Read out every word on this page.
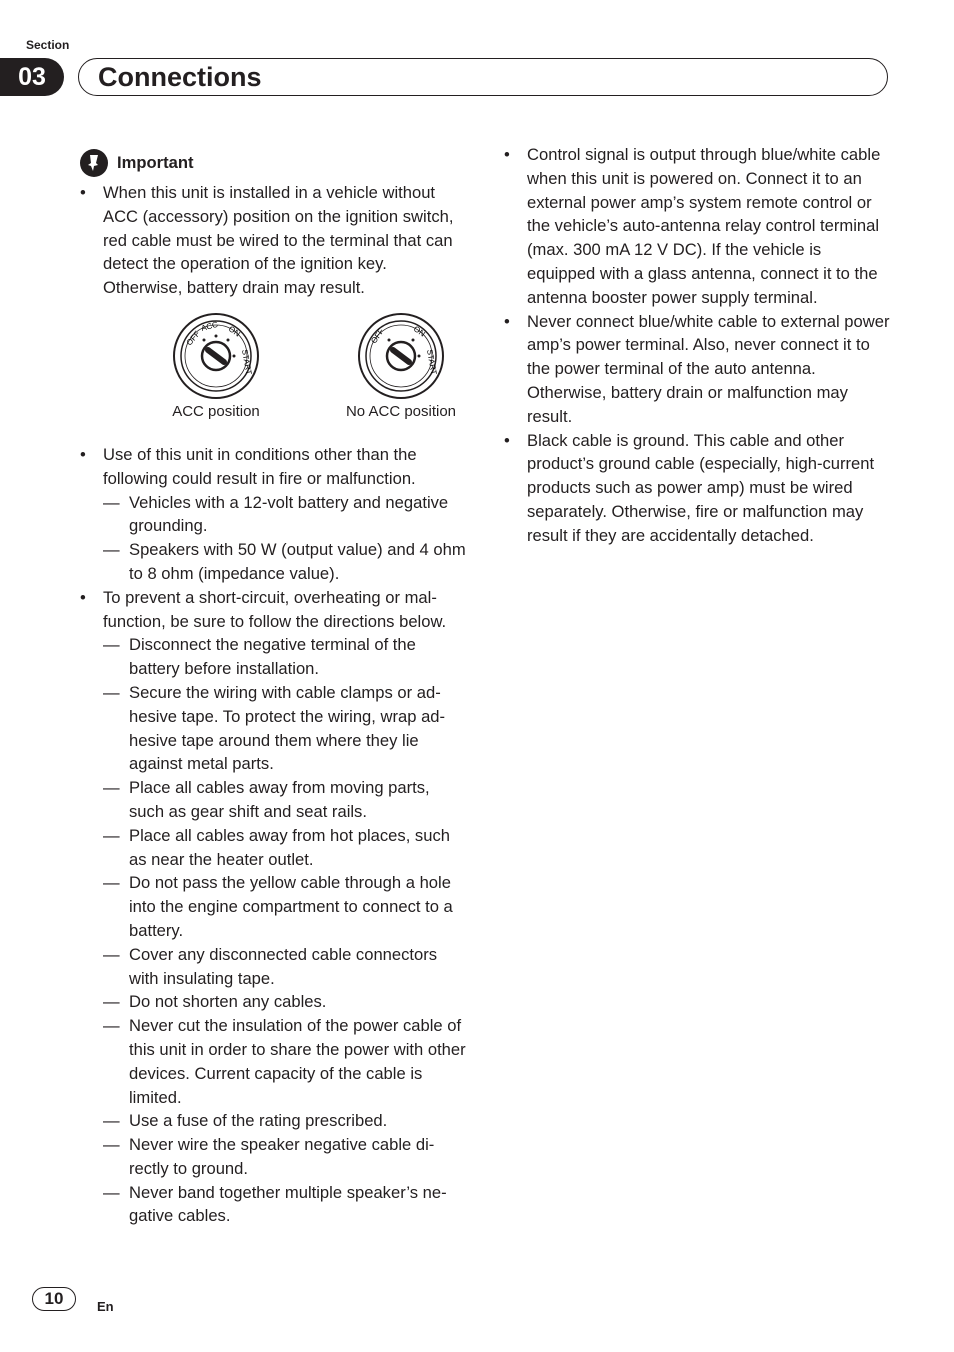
Section
03	Connections
Important
• When this unit is installed in a vehicle without ACC (accessory) position on the ignition switch, red cable must be wired to the terminal that can detect the operation of the ignition key. Otherwise, battery drain may result.
OFF
ACC ON
START
ACC position
OFF	ON
START
No ACC position
• Use of this unit in conditions other than the following could result in fire or malfunction.
— Vehicles with a 12-volt battery and negative grounding.
— Speakers with 50 W (output value) and 4 ohm to 8 ohm (impedance value).
• To prevent a short-circuit, overheating or malfunction, be sure to follow the directions below.
— Disconnect the negative terminal of the battery before installation.
— Secure the wiring with cable clamps or adhesive tape. To protect the wiring, wrap adhesive tape around them where they lie against metal parts.
— Place all cables away from moving parts, such as gear shift and seat rails.
— Place all cables away from hot places, such as near the heater outlet.
— Do not pass the yellow cable through a hole into the engine compartment to connect to a battery.
— Cover any disconnected cable connectors with insulating tape.
— Do not shorten any cables.
— Never cut the insulation of the power cable of this unit in order to share the power with other devices. Current capacity of the cable is limited.
— Use a fuse of the rating prescribed.
— Never wire the speaker negative cable directly to ground.
— Never band together multiple speaker’s negative cables.
• Control signal is output through blue/white cable when this unit is powered on. Connect it to an external power amp’s system remote control or the vehicle’s auto-antenna relay control terminal (max. 300 mA 12 V DC). If the vehicle is equipped with a glass antenna, connect it to the antenna booster power supply terminal.
• Never connect blue/white cable to external power amp’s power terminal. Also, never connect it to the power terminal of the auto antenna. Otherwise, battery drain or malfunction may result.
• Black cable is ground. This cable and other product’s ground cable (especially, high-current products such as power amp) must be wired separately. Otherwise, fire or malfunction may result if they are accidentally detached.
10	En
